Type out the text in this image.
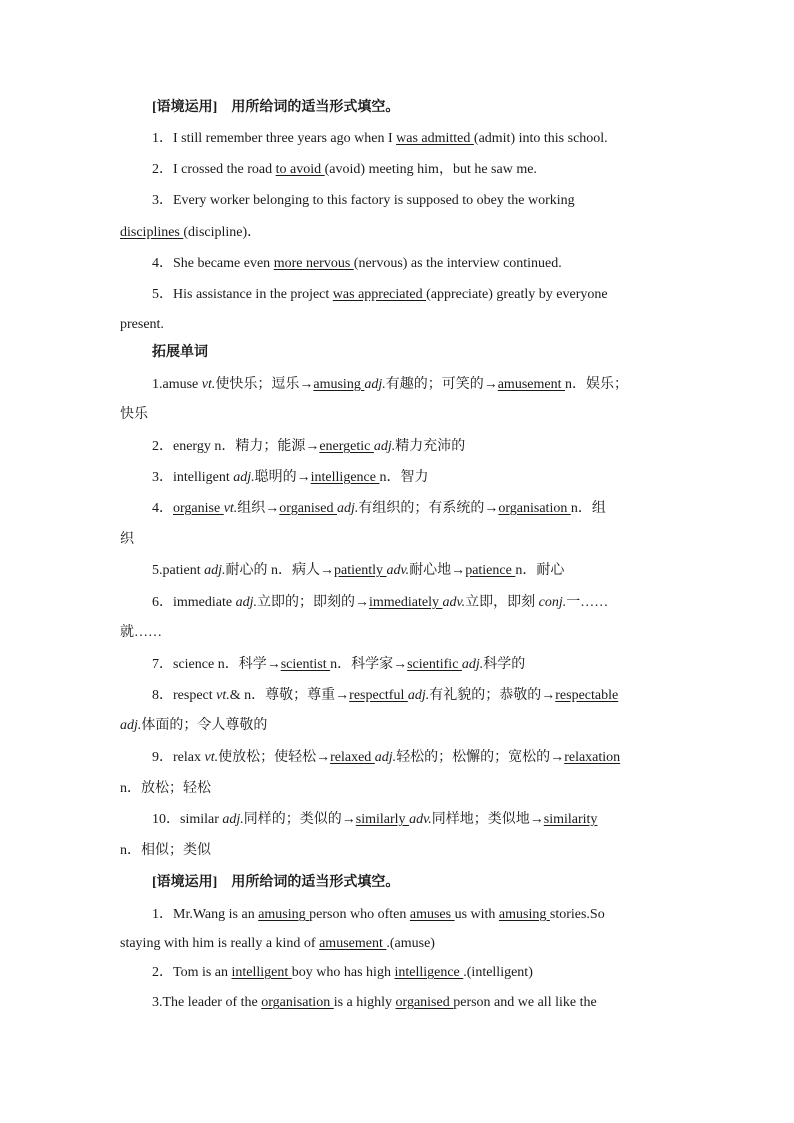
[语境运用]　用所给词的适当形式填空。
1．I still remember three years ago when I was admitted (admit) into this school.
2．I crossed the road to avoid (avoid) meeting him，but he saw me.
3．Every worker belonging to this factory is supposed to obey the working
disciplines (discipline)．
4．She became even more nervous (nervous) as the interview continued.
5．His assistance in the project was appreciated (appreciate) greatly by everyone
present.
拓展单词
1.amuse vt.使快乐；逗乐→amusing adj.有趣的；可笑的→amusement n．娱乐；
快乐
2．energy n．精力；能源→energetic adj.精力充沛的
3．intelligent adj.聪明的→intelligence n．智力
4．organise vt.组织→organised adj.有组织的；有系统的→organisation n．组
织
5.patient adj.耐心的 n．病人→patiently adv.耐心地→patience n．耐心
6．immediate adj.立即的；即刻的→immediately adv.立即，即刻 conj.一……
就……
7．science n．科学→scientist n．科学家→scientific adj.科学的
8．respect vt.& n．尊敬；尊重→respectful adj.有礼貌的；恭敬的→respectable
adj.体面的；令人尊敬的
9．relax vt.使放松；使轻松→relaxed adj.轻松的；松懈的；宽松的→relaxation
n．放松；轻松
10．similar adj.同样的；类似的→similarly adv.同样地；类似地→similarity
n．相似；类似
[语境运用]　用所给词的适当形式填空。
1．Mr.Wang is an amusing person who often amuses us with amusing stories.So
staying with him is really a kind of amusement .(amuse)
2．Tom is an intelligent boy who has high intelligence .(intelligent)
3.The leader of the organisation is a highly organised person and we all like the
